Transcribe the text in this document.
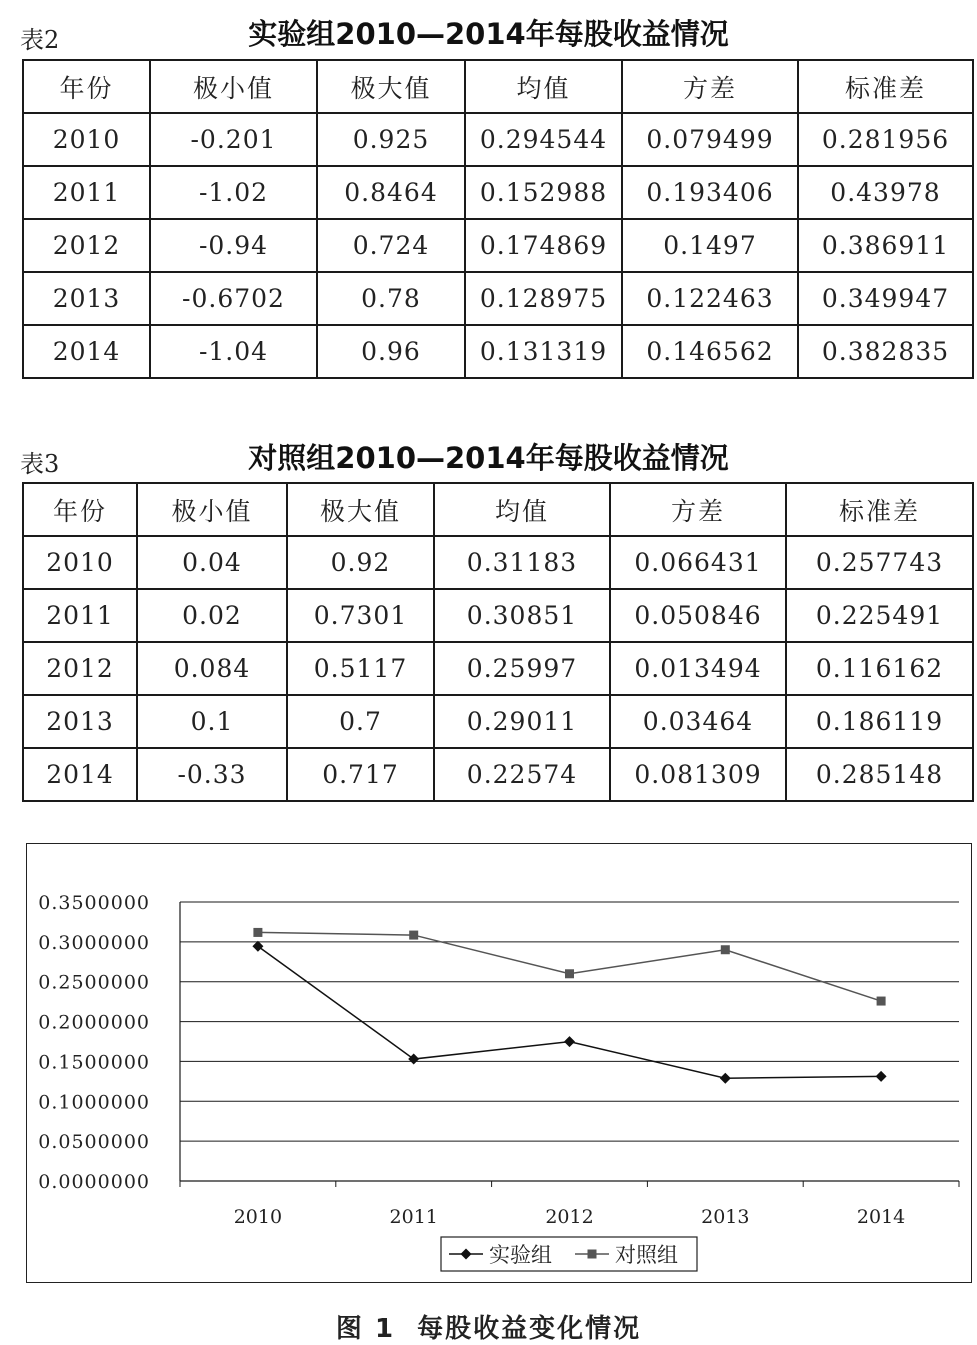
表2	实验组2010—2014年每股收益情况
年份	极小值	极大值	均值	方差	标准差
2010	-0.201	0.925	0.294544	0.079499	0.281956
2011	-1.02	0.8464	0.152988	0.193406	0.43978
2012	-0.94	0.724	0.174869	0.1497	0.386911
2013	-0.6702	0.78	0.128975	0.122463	0.349947
2014	-1.04	0.96	0.131319	0.146562	0.382835
表3	对照组2010—2014年每股收益情况
年份	极小值	极大值	均值	方差	标准差
2010	0.04	0.92	0.31183	0.066431	0.257743
2011	0.02	0.7301	0.30851	0.050846	0.225491
2012	0.084	0.5117	0.25997	0.013494	0.116162
2013	0.1	0.7	0.29011	0.03464	0.186119
2014	-0.33	0.717	0.22574	0.081309	0.285148
0.0000000
0.0500000
0.1000000
0.1500000
0.2000000
0.2500000
0.3000000
0.3500000
2010	2011	2012	2013	2014
实验组	对照组
图 1 每股收益变化情况
